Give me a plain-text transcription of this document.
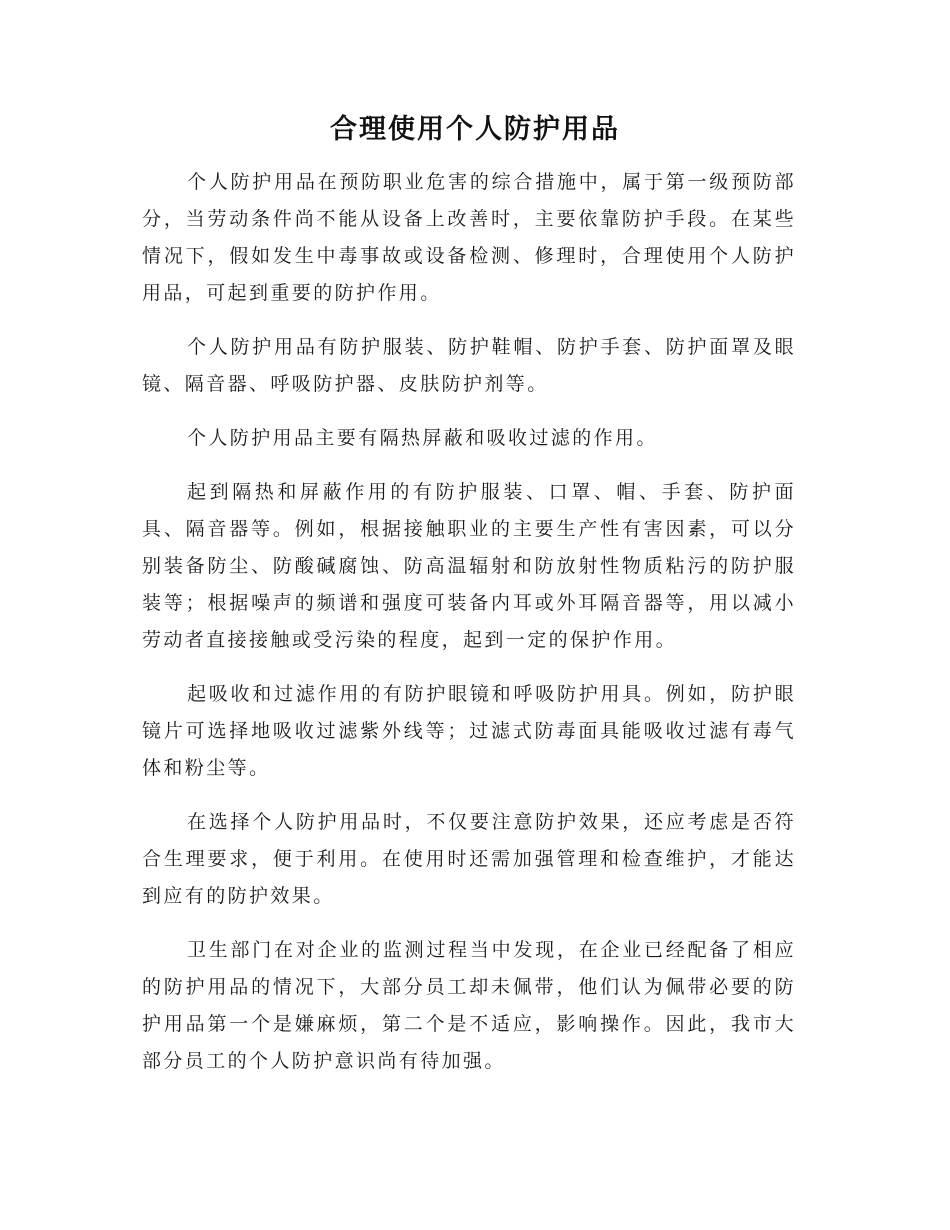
合理使用个人防护用品

个人防护用品在预防职业危害的综合措施中，属于第一级预防部分，当劳动条件尚不能从设备上改善时，主要依靠防护手段。在某些情况下，假如发生中毒事故或设备检测、修理时，合理使用个人防护用品，可起到重要的防护作用。

个人防护用品有防护服装、防护鞋帽、防护手套、防护面罩及眼镜、隔音器、呼吸防护器、皮肤防护剂等。

个人防护用品主要有隔热屏蔽和吸收过滤的作用。

起到隔热和屏蔽作用的有防护服装、口罩、帽、手套、防护面具、隔音器等。例如，根据接触职业的主要生产性有害因素，可以分别装备防尘、防酸碱腐蚀、防高温辐射和防放射性物质粘污的防护服装等；根据噪声的频谱和强度可装备内耳或外耳隔音器等，用以减小劳动者直接接触或受污染的程度，起到一定的保护作用。

起吸收和过滤作用的有防护眼镜和呼吸防护用具。例如，防护眼镜片可选择地吸收过滤紫外线等；过滤式防毒面具能吸收过滤有毒气体和粉尘等。

在选择个人防护用品时，不仅要注意防护效果，还应考虑是否符合生理要求，便于利用。在使用时还需加强管理和检查维护，才能达到应有的防护效果。

卫生部门在对企业的监测过程当中发现，在企业已经配备了相应的防护用品的情况下，大部分员工却未佩带，他们认为佩带必要的防护用品第一个是嫌麻烦，第二个是不适应，影响操作。因此，我市大部分员工的个人防护意识尚有待加强。
